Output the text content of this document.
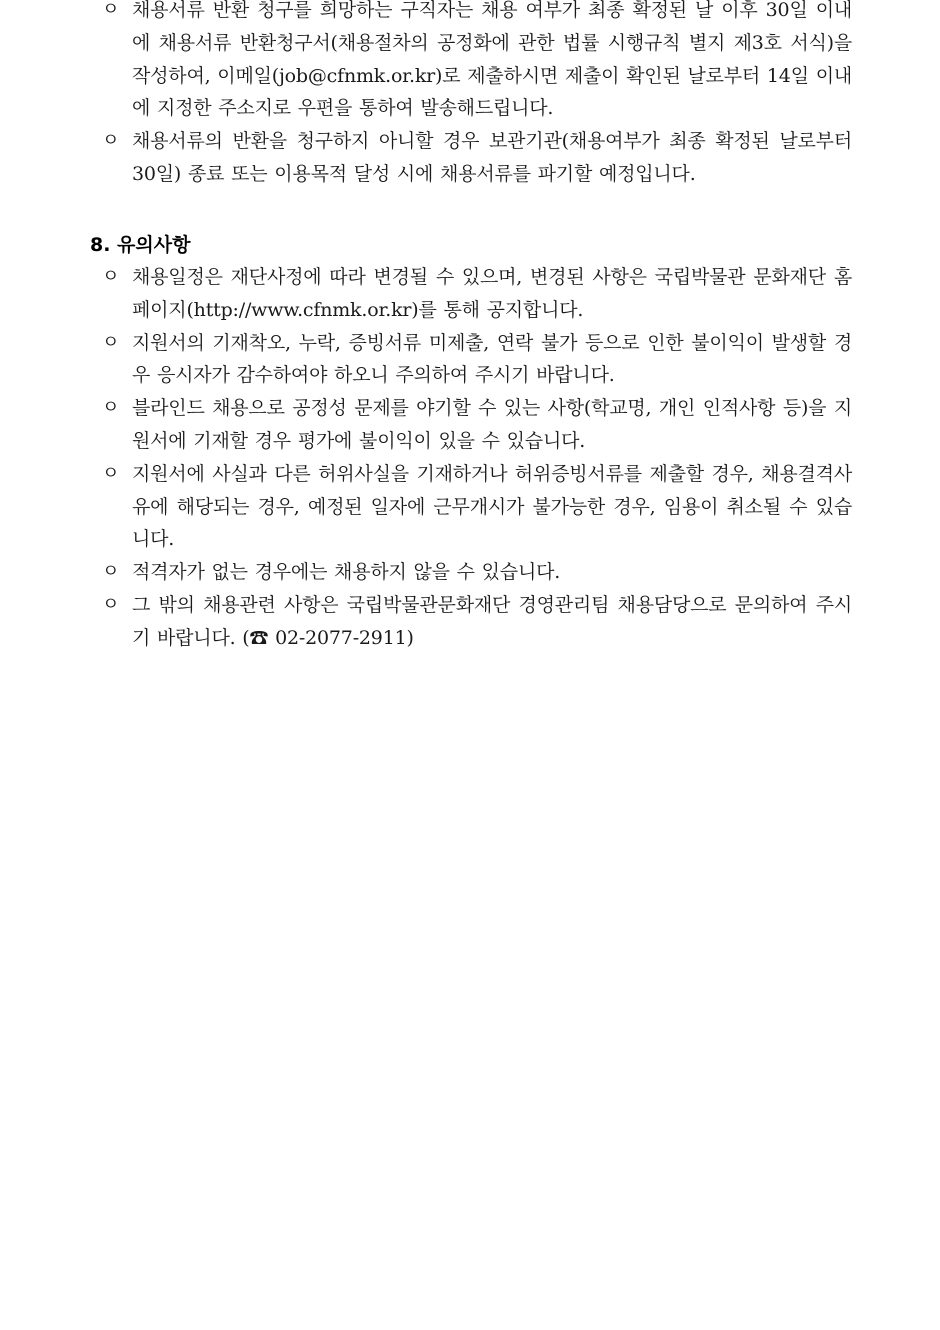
ㅇ 채용서류 반환 청구를 희망하는 구직자는 채용 여부가 최종 확정된 날 이후 30일 이내에 채용서류 반환청구서(채용절차의 공정화에 관한 법률 시행규칙 별지 제3호 서식)을 작성하여, 이메일(job@cfnmk.or.kr)로 제출하시면 제출이 확인된 날로부터 14일 이내에 지정한 주소지로 우편을 통하여 발송해드립니다.
ㅇ 채용서류의 반환을 청구하지 아니할 경우 보관기관(채용여부가 최종 확정된 날로부터 30일) 종료 또는 이용목적 달성 시에 채용서류를 파기할 예정입니다.
8. 유의사항
ㅇ 채용일정은 재단사정에 따라 변경될 수 있으며, 변경된 사항은 국립박물관 문화재단 홈페이지(http://www.cfnmk.or.kr)를 통해 공지합니다.
ㅇ 지원서의 기재착오, 누락, 증빙서류 미제출, 연락 불가 등으로 인한 불이익이 발생할 경우 응시자가 감수하여야 하오니 주의하여 주시기 바랍니다.
ㅇ 블라인드 채용으로 공정성 문제를 야기할 수 있는 사항(학교명, 개인 인적사항 등)을 지원서에 기재할 경우 평가에 불이익이 있을 수 있습니다.
ㅇ 지원서에 사실과 다른 허위사실을 기재하거나 허위증빙서류를 제출할 경우, 채용결격사유에 해당되는 경우, 예정된 일자에 근무개시가 불가능한 경우, 임용이 취소될 수 있습니다.
ㅇ 적격자가 없는 경우에는 채용하지 않을 수 있습니다.
ㅇ 그 밖의 채용관련 사항은 국립박물관문화재단 경영관리팀 채용담당으로 문의하여 주시기 바랍니다. (☎ 02-2077-2911)
